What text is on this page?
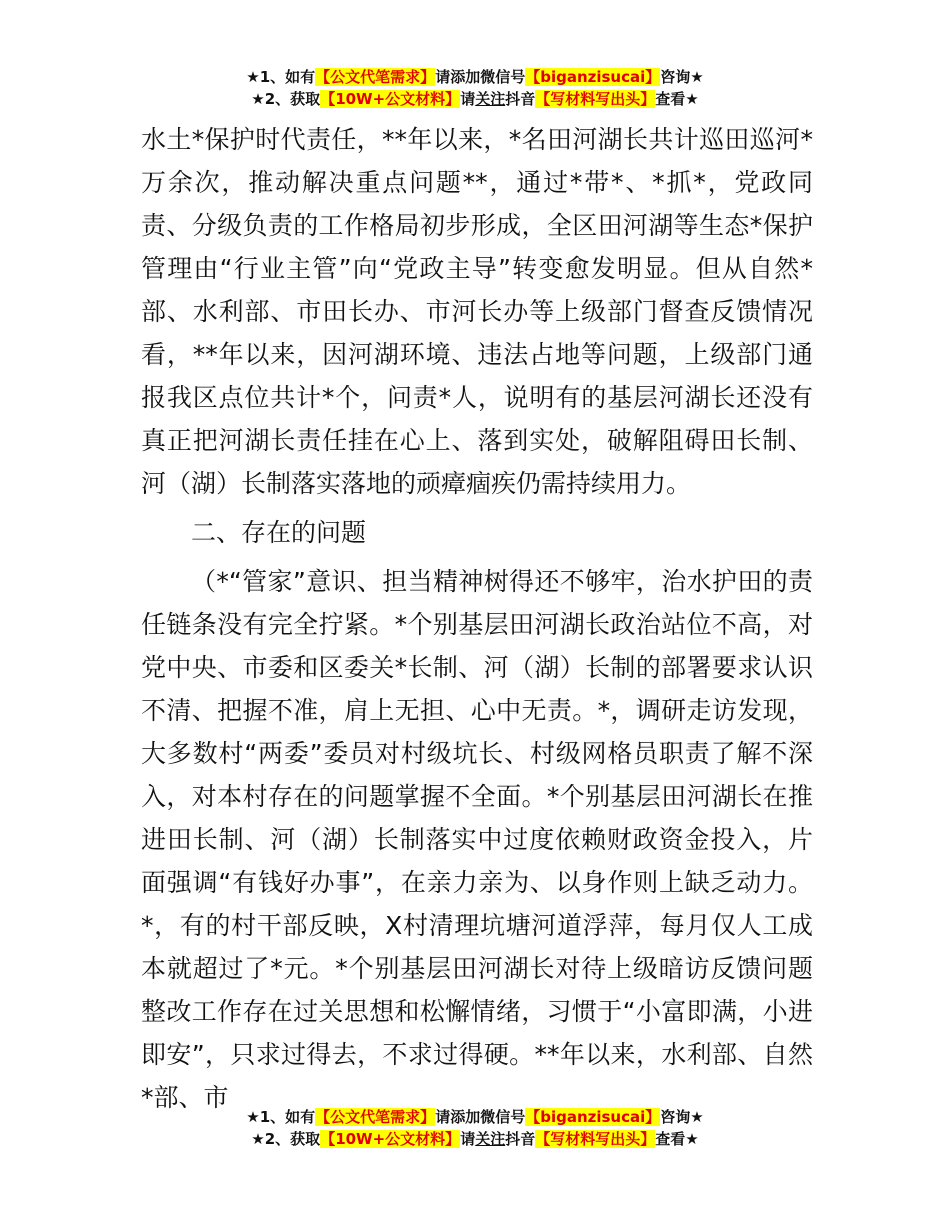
★1、如有【公文代笔需求】请添加微信号【biganzisucai】咨询★
★2、获取【10W+公文材料】请关注抖音【写材料写出头】查看★

水土*保护时代责任，**年以来，*名田河湖长共计巡田巡河*万余次，推动解决重点问题**，通过*带*、*抓*，党政同责、分级负责的工作格局初步形成，全区田河湖等生态*保护管理由“行业主管”向“党政主导”转变愈发明显。但从自然*部、水利部、市田长办、市河长办等上级部门督查反馈情况看，**年以来，因河湖环境、违法占地等问题，上级部门通报我区点位共计*个，问责*人，说明有的基层河湖长还没有真正把河湖长责任挂在心上、落到实处，破解阻碍田长制、河（湖）长制落实落地的顽瘴痼疾仍需持续用力。

二、存在的问题

（*“管家”意识、担当精神树得还不够牢，治水护田的责任链条没有完全拧紧。*个别基层田河湖长政治站位不高，对党中央、市委和区委关*长制、河（湖）长制的部署要求认识不清、把握不准，肩上无担、心中无责。*，调研走访发现，大多数村“两委”委员对村级坑长、村级网格员职责了解不深入，对本村存在的问题掌握不全面。*个别基层田河湖长在推进田长制、河（湖）长制落实中过度依赖财政资金投入，片面强调“有钱好办事”，在亲力亲为、以身作则上缺乏动力。*，有的村干部反映，X村清理坑塘河道浮萍，每月仅人工成本就超过了*元。*个别基层田河湖长对待上级暗访反馈问题整改工作存在过关思想和松懈情绪，习惯于“小富即满，小进即安”，只求过得去，不求过得硬。**年以来，水利部、自然*部、市

★1、如有【公文代笔需求】请添加微信号【biganzisucai】咨询★
★2、获取【10W+公文材料】请关注抖音【写材料写出头】查看★
